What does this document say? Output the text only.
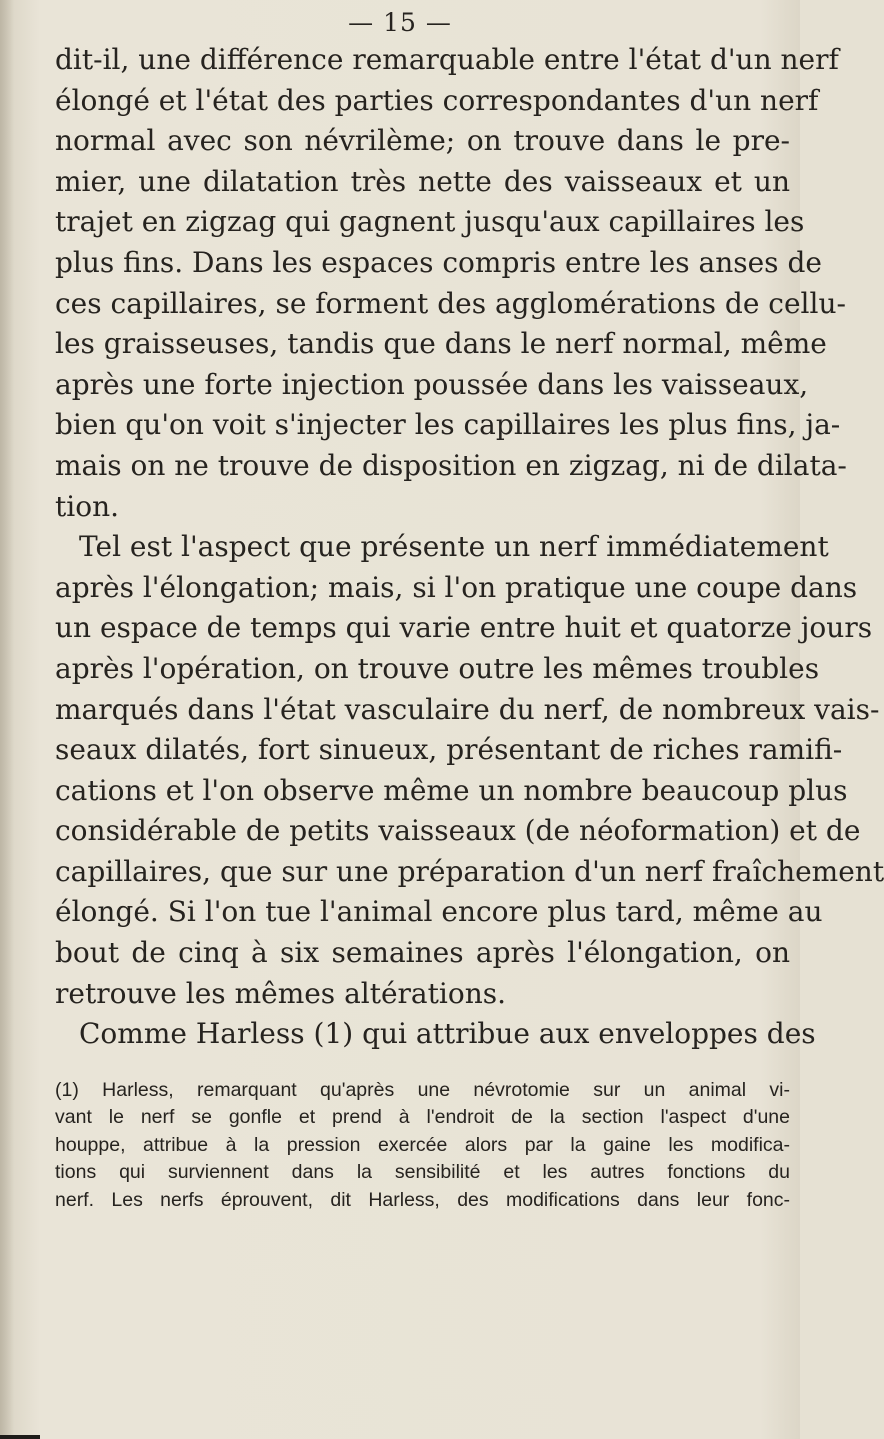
— 15 —
dit-il, une différence remarquable entre l'état d'un nerf
élongé et l'état des parties correspondantes d'un nerf
normal avec son névrilème; on trouve dans le pre-
mier, une dilatation très nette des vaisseaux et un
trajet en zigzag qui gagnent jusqu'aux capillaires les
plus fins. Dans les espaces compris entre les anses de
ces capillaires, se forment des agglomérations de cellu-
les graisseuses, tandis que dans le nerf normal, même
après une forte injection poussée dans les vaisseaux,
bien qu'on voit s'injecter les capillaires les plus fins, ja-
mais on ne trouve de disposition en zigzag, ni de dilata-
tion.
Tel est l'aspect que présente un nerf immédiatement
après l'élongation; mais, si l'on pratique une coupe dans
un espace de temps qui varie entre huit et quatorze jours
après l'opération, on trouve outre les mêmes troubles
marqués dans l'état vasculaire du nerf, de nombreux vais-
seaux dilatés, fort sinueux, présentant de riches ramifi-
cations et l'on observe même un nombre beaucoup plus
considérable de petits vaisseaux (de néoformation) et de
capillaires, que sur une préparation d'un nerf fraîchement
élongé. Si l'on tue l'animal encore plus tard, même au
bout de cinq à six semaines après l'élongation, on
retrouve les mêmes altérations.
Comme Harless (1) qui attribue aux enveloppes des
(1) Harless, remarquant qu'après une névrotomie sur un animal vi-
vant le nerf se gonfle et prend à l'endroit de la section l'aspect d'une
houppe, attribue à la pression exercée alors par la gaine les modifica-
tions qui surviennent dans la sensibilité et les autres fonctions du
nerf. Les nerfs éprouvent, dit Harless, des modifications dans leur fonc-
